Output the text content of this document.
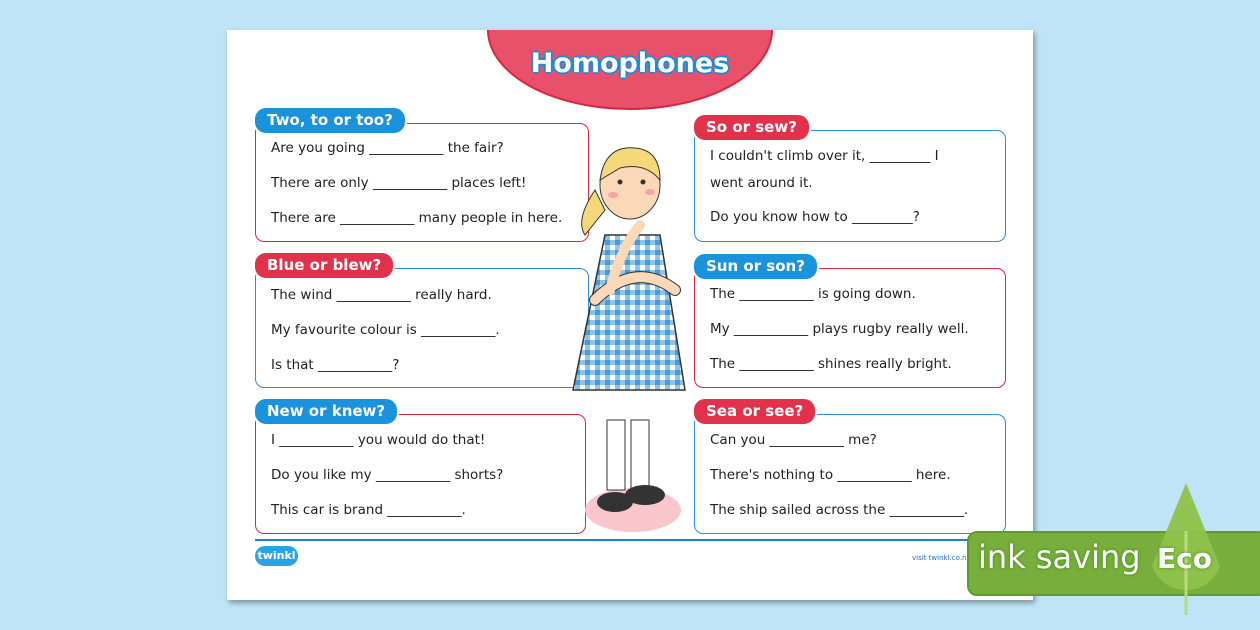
Homophones
Two, to or too?
Are you going ___________ the fair?
There are only ___________ places left!
There are ___________ many people in here.
Blue or blew?
The wind ___________ really hard.
My favourite colour is ___________.
Is that ___________?
New or knew?
I ___________ you would do that!
Do you like my ___________ shorts?
This car is brand ___________.
So or sew?
I couldn't climb over it, _________ I
went around it.
Do you know how to _________?
Sun or son?
The ___________ is going down.
My ___________ plays rugby really well.
The ___________ shines really bright.
Sea or see?
Can you ___________ me?
There's nothing to ___________ here.
The ship sailed across the ___________.
twinkl	visit twinkl.co.n ink saving Eco
